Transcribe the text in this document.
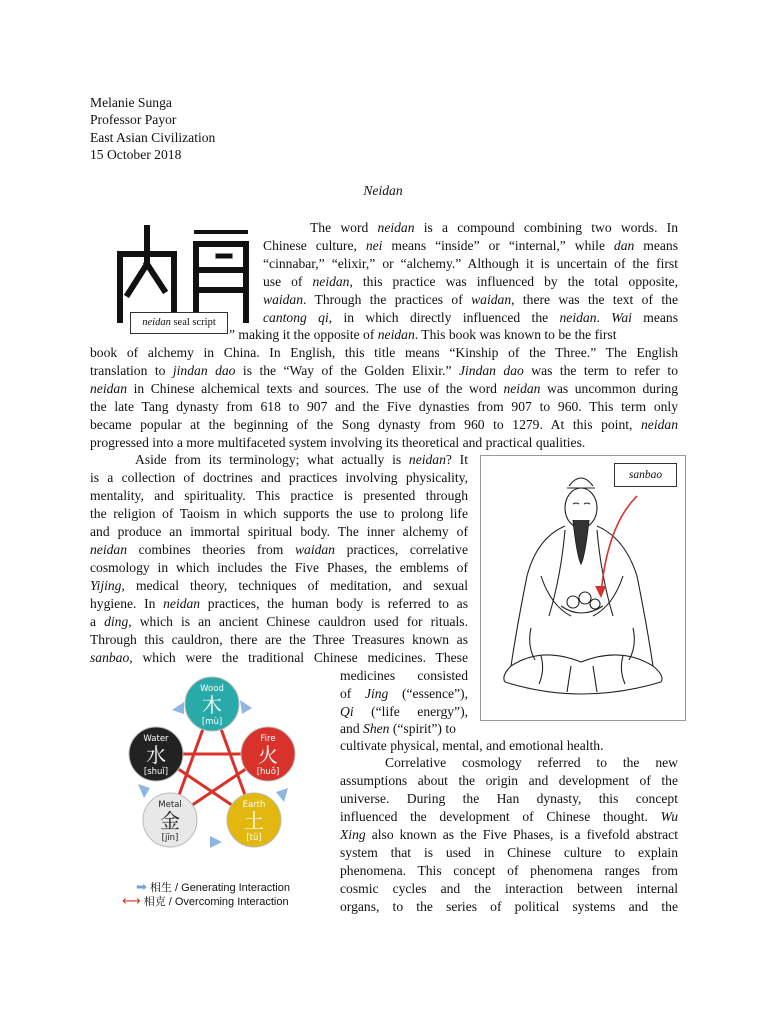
Melanie Sunga
Professor Payor
East Asian Civilization
15 October 2018
Neidan
neidan seal script
The word neidan is a compound combining two words. In
Chinese culture, nei means “inside” or “internal,” while dan means
“cinnabar,” “elixir,” or “alchemy.” Although it is uncertain of the first
use of neidan, this practice was influenced by the total opposite,
waidan. Through the practices of waidan, there was the text of the
cantong qi, in which directly influenced the neidan. Wai means
” making it the opposite of neidan. This book was known to be the first
book of alchemy in China. In English, this title means “Kinship of the Three.” The English
translation to jindan dao is the “Way of the Golden Elixir.” Jindan dao was the term to refer to
neidan in Chinese alchemical texts and sources. The use of the word neidan was uncommon during
the late Tang dynasty from 618 to 907 and the Five dynasties from 907 to 960. This term only
became popular at the beginning of the Song dynasty from 960 to 1279. At this point, neidan
progressed into a more multifaceted system involving its theoretical and practical qualities.
Aside from its terminology; what actually is neidan? It
is a collection of doctrines and practices involving physicality,
mentality, and spirituality. This practice is presented through
the religion of Taoism in which supports the use to prolong life
and produce an immortal spiritual body. The inner alchemy of
neidan combines theories from waidan practices, correlative
cosmology in which includes the Five Phases, the emblems of
Yijing, medical theory, techniques of meditation, and sexual
hygiene. In neidan practices, the human body is referred to as
a ding, which is an ancient Chinese cauldron used for rituals.
Through this cauldron, there are the Three Treasures known as
sanbao, which were the traditional Chinese medicines. These
medicines consisted
of Jing (“essence”),
Qi (“life energy”),
and Shen (“spirit”) to
cultivate physical, mental, and emotional health.
Correlative cosmology referred to the new
assumptions about the origin and development of the
universe. During the Han dynasty, this concept
influenced the development of Chinese thought. Wu
Xing also known as the Five Phases, is a fivefold abstract
system that is used in Chinese culture to explain
phenomena. This concept of phenomena ranges from
cosmic cycles and the interaction between internal
organs, to the series of political systems and the
sanbao
Wood
木
[mù]
Fire
火
[huǒ]
Earth
土
[tǔ]
Metal
金
[jīn]
Water
水
[shuǐ]
➡ 相生 / Generating Interaction
⟷ 相克 / Overcoming Interaction
